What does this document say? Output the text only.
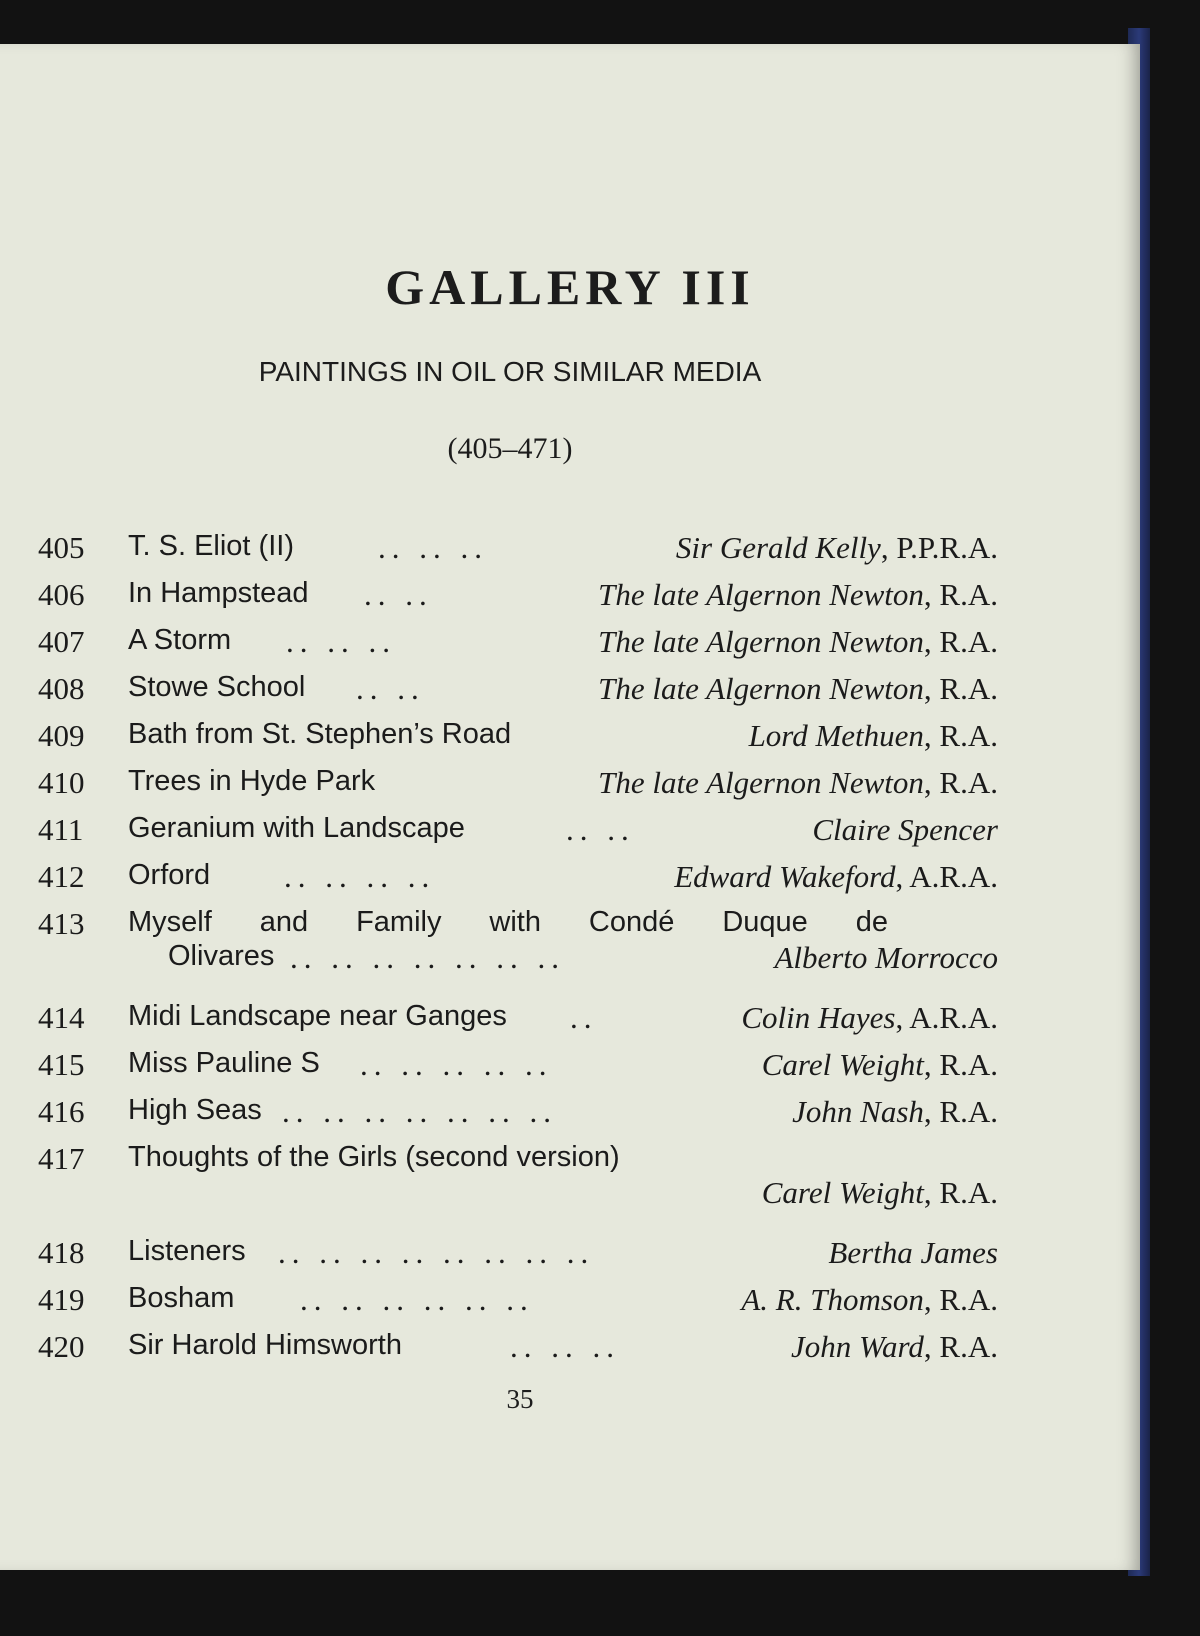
GALLERY III
PAINTINGS IN OIL OR SIMILAR MEDIA
(405–471)
405	T. S. Eliot (II)	.. .. ..	Sir Gerald Kelly, P.P.R.A.
406	In Hampstead .. ..	The late Algernon Newton, R.A.
407	A Storm .. .. ..	The late Algernon Newton, R.A.
408	Stowe School .. ..	The late Algernon Newton, R.A.
409	Bath from St. Stephen’s Road	Lord Methuen, R.A.
410	Trees in Hyde Park	The late Algernon Newton, R.A.
411	Geranium with Landscape	.. ..	Claire Spencer
412	Orford .. .. .. ..	Edward Wakeford, A.R.A.
413	Myself and Family with Condé Duque de
Olivares .. .. .. .. .. .. ..	Alberto Morrocco
414	Midi Landscape near Ganges ..	Colin Hayes, A.R.A.
415	Miss Pauline S .. .. .. .. ..	Carel Weight, R.A.
416	High Seas .. .. .. .. .. .. ..	John Nash, R.A.
417	Thoughts of the Girls (second version)
Carel Weight, R.A.
418	Listeners .. .. .. .. .. .. .. ..	Bertha James
419	Bosham .. .. .. .. .. ..	A. R. Thomson, R.A.
420	Sir Harold Himsworth	.. .. ..	John Ward, R.A.
35
